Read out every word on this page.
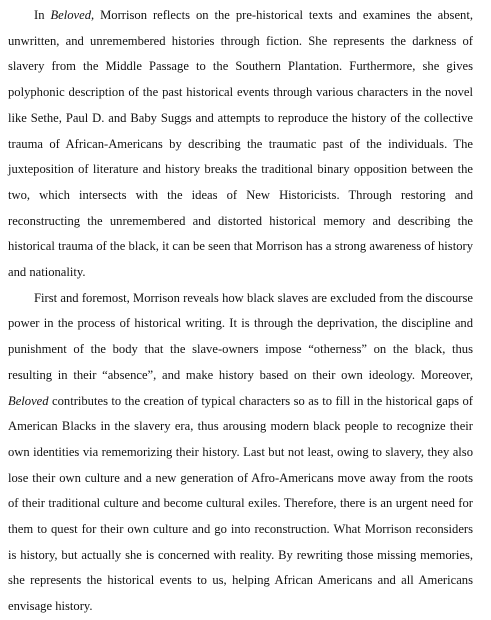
In Beloved, Morrison reflects on the pre-historical texts and examines the absent, unwritten, and unremembered histories through fiction. She represents the darkness of slavery from the Middle Passage to the Southern Plantation. Furthermore, she gives polyphonic description of the past historical events through various characters in the novel like Sethe, Paul D. and Baby Suggs and attempts to reproduce the history of the collective trauma of African-Americans by describing the traumatic past of the individuals. The juxteposition of literature and history breaks the traditional binary opposition between the two, which intersects with the ideas of New Historicists. Through restoring and reconstructing the unremembered and distorted historical memory and describing the historical trauma of the black, it can be seen that Morrison has a strong awareness of history and nationality.

First and foremost, Morrison reveals how black slaves are excluded from the discourse power in the process of historical writing. It is through the deprivation, the discipline and punishment of the body that the slave-owners impose “otherness” on the black, thus resulting in their “absence”, and make history based on their own ideology. Moreover, Beloved contributes to the creation of typical characters so as to fill in the historical gaps of American Blacks in the slavery era, thus arousing modern black people to recognize their own identities via rememorizing their history. Last but not least, owing to slavery, they also lose their own culture and a new generation of Afro-Americans move away from the roots of their traditional culture and become cultural exiles. Therefore, there is an urgent need for them to quest for their own culture and go into reconstruction. What Morrison reconsiders is history, but actually she is concerned with reality. By rewriting those missing memories, she represents the historical events to us, helping African Americans and all Americans envisage history.
